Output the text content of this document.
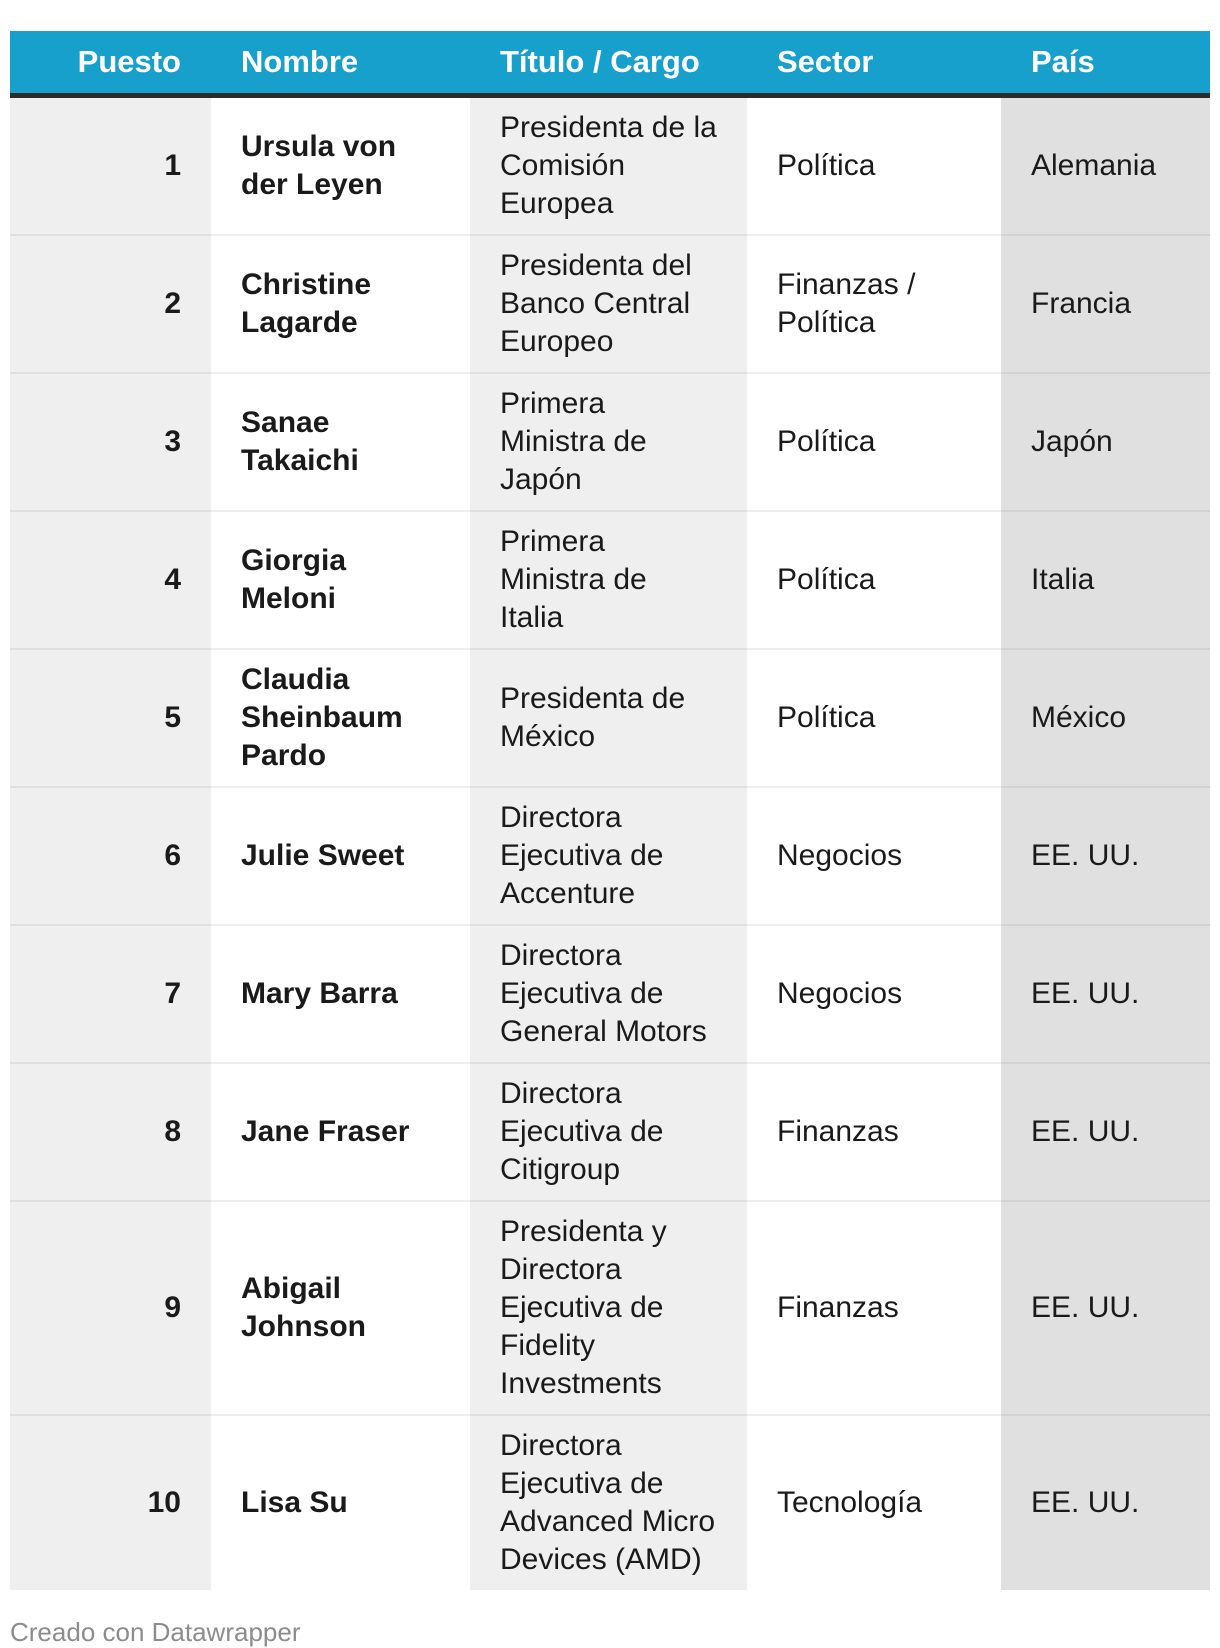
Puesto	Nombre	Título / Cargo	Sector	País
1	Ursula von der Leyen	Presidenta de la Comisión Europea	Política	Alemania
2	Christine Lagarde	Presidenta del Banco Central Europeo	Finanzas / Política	Francia
3	Sanae Takaichi	Primera Ministra de Japón	Política	Japón
4	Giorgia Meloni	Primera Ministra de Italia	Política	Italia
5	Claudia Sheinbaum Pardo	Presidenta de México	Política	México
6	Julie Sweet	Directora Ejecutiva de Accenture	Negocios	EE. UU.
7	Mary Barra	Directora Ejecutiva de General Motors	Negocios	EE. UU.
8	Jane Fraser	Directora Ejecutiva de Citigroup	Finanzas	EE. UU.
9	Abigail Johnson	Presidenta y Directora Ejecutiva de Fidelity Investments	Finanzas	EE. UU.
10	Lisa Su	Directora Ejecutiva de Advanced Micro Devices (AMD)	Tecnología	EE. UU.
Creado con Datawrapper
